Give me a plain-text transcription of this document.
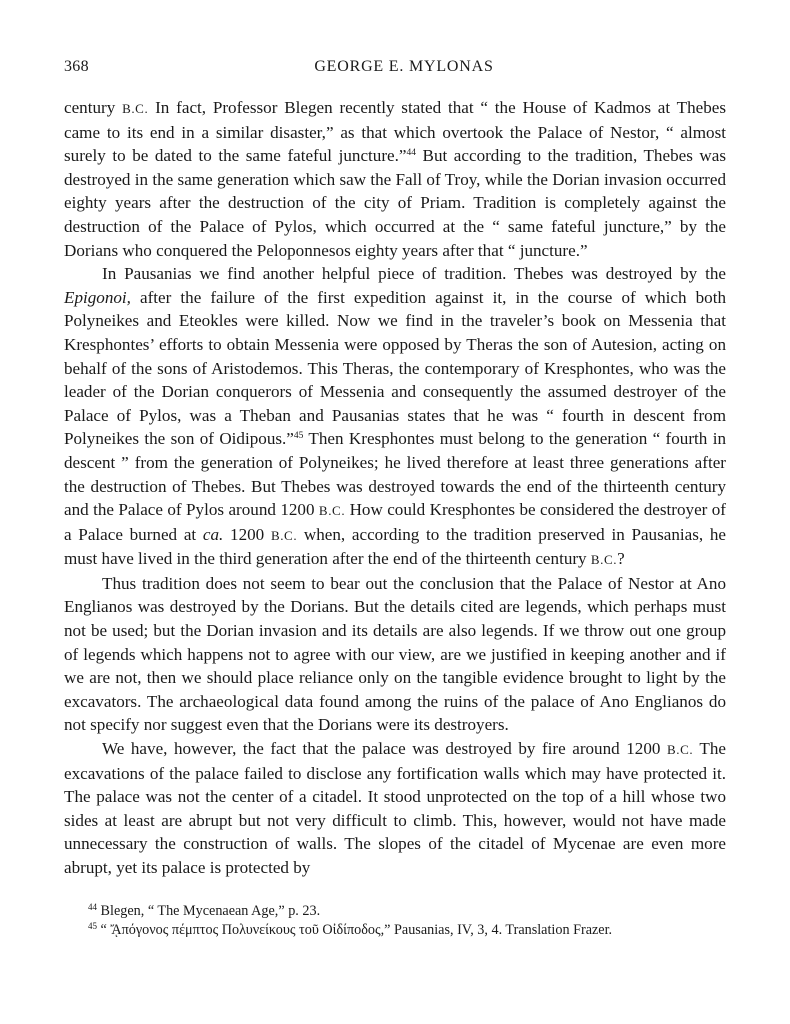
368	GEORGE E. MYLONAS

century B.C. In fact, Professor Blegen recently stated that “ the House of Kadmos at Thebes came to its end in a similar disaster,” as that which overtook the Palace of Nestor, “ almost surely to be dated to the same fateful juncture.”$^{44}$ But according to the tradition, Thebes was destroyed in the same generation which saw the Fall of Troy, while the Dorian invasion occurred eighty years after the destruction of the city of Priam. Tradition is completely against the destruction of the Palace of Pylos, which occurred at the “ same fateful juncture,” by the Dorians who conquered the Peloponnesos eighty years after that “ juncture.”

In Pausanias we find another helpful piece of tradition. Thebes was destroyed by the Epigonoi, after the failure of the first expedition against it, in the course of which both Polyneikes and Eteokles were killed. Now we find in the traveler’s book on Messenia that Kresphontes’ efforts to obtain Messenia were opposed by Theras the son of Autesion, acting on behalf of the sons of Aristodemos. This Theras, the contemporary of Kresphontes, who was the leader of the Dorian conquerors of Messenia and consequently the assumed destroyer of the Palace of Pylos, was a Theban and Pausanias states that he was “ fourth in descent from Polyneikes the son of Oidipous.”$^{45}$ Then Kresphontes must belong to the generation “ fourth in descent ” from the generation of Polyneikes; he lived therefore at least three generations after the destruction of Thebes. But Thebes was destroyed towards the end of the thirteenth century and the Palace of Pylos around 1200 B.C. How could Kresphontes be considered the destroyer of a Palace burned at ca. 1200 B.C. when, according to the tradition preserved in Pausanias, he must have lived in the third generation after the end of the thirteenth century B.C.?

Thus tradition does not seem to bear out the conclusion that the Palace of Nestor at Ano Englianos was destroyed by the Dorians. But the details cited are legends, which perhaps must not be used; but the Dorian invasion and its details are also legends. If we throw out one group of legends which happens not to agree with our view, are we justified in keeping another and if we are not, then we should place reliance only on the tangible evidence brought to light by the excavators. The archaeological data found among the ruins of the palace of Ano Englianos do not specify nor suggest even that the Dorians were its destroyers.

We have, however, the fact that the palace was destroyed by fire around 1200 B.C. The excavations of the palace failed to disclose any fortification walls which may have protected it. The palace was not the center of a citadel. It stood unprotected on the top of a hill whose two sides at least are abrupt but not very difficult to climb. This, however, would not have made unnecessary the construction of walls. The slopes of the citadel of Mycenae are even more abrupt, yet its palace is protected by

$^{44}$ Blegen, “ The Mycenaean Age,” p. 23.
$^{45}$ “ ᾌπόγονος πέμπτος Πολυνείκους τοῦ Οἰδίποδος,” Pausanias, IV, 3, 4. Translation Frazer.
